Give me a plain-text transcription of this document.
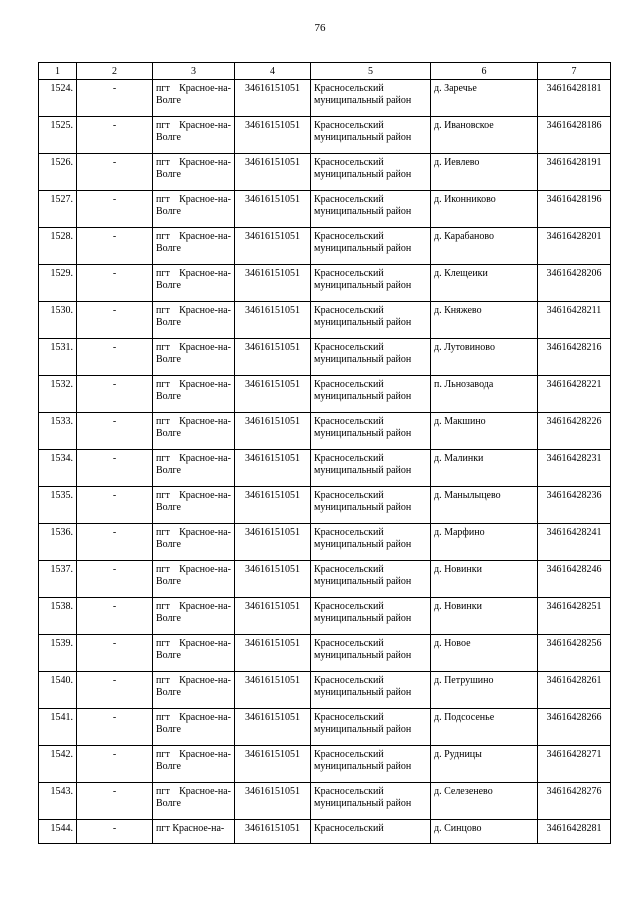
76
1	2	3	4	5	6	7
1524.	-	пгт Красное-на-Волге	34616151051	Красносельский муниципальный район	д. Заречье	34616428181
1525.	-	пгт Красное-на-Волге	34616151051	Красносельский муниципальный район	д. Ивановское	34616428186
1526.	-	пгт Красное-на-Волге	34616151051	Красносельский муниципальный район	д. Иевлево	34616428191
1527.	-	пгт Красное-на-Волге	34616151051	Красносельский муниципальный район	д. Иконниково	34616428196
1528.	-	пгт Красное-на-Волге	34616151051	Красносельский муниципальный район	д. Карабаново	34616428201
1529.	-	пгт Красное-на-Волге	34616151051	Красносельский муниципальный район	д. Клещеики	34616428206
1530.	-	пгт Красное-на-Волге	34616151051	Красносельский муниципальный район	д. Княжево	34616428211
1531.	-	пгт Красное-на-Волге	34616151051	Красносельский муниципальный район	д. Лутовиново	34616428216
1532.	-	пгт Красное-на-Волге	34616151051	Красносельский муниципальный район	п. Льнозавода	34616428221
1533.	-	пгт Красное-на-Волге	34616151051	Красносельский муниципальный район	д. Макшино	34616428226
1534.	-	пгт Красное-на-Волге	34616151051	Красносельский муниципальный район	д. Малинки	34616428231
1535.	-	пгт Красное-на-Волге	34616151051	Красносельский муниципальный район	д. Манылыцево	34616428236
1536.	-	пгт Красное-на-Волге	34616151051	Красносельский муниципальный район	д. Марфино	34616428241
1537.	-	пгт Красное-на-Волге	34616151051	Красносельский муниципальный район	д. Новинки	34616428246
1538.	-	пгт Красное-на-Волге	34616151051	Красносельский муниципальный район	д. Новинки	34616428251
1539.	-	пгт Красное-на-Волге	34616151051	Красносельский муниципальный район	д. Новое	34616428256
1540.	-	пгт Красное-на-Волге	34616151051	Красносельский муниципальный район	д. Петрушино	34616428261
1541.	-	пгт Красное-на-Волге	34616151051	Красносельский муниципальный район	д. Подсосенье	34616428266
1542.	-	пгт Красное-на-Волге	34616151051	Красносельский муниципальный район	д. Рудницы	34616428271
1543.	-	пгт Красное-на-Волге	34616151051	Красносельский муниципальный район	д. Селезенево	34616428276
1544.	-	пгт Красное-на-	34616151051	Красносельский	д. Синцово	34616428281
